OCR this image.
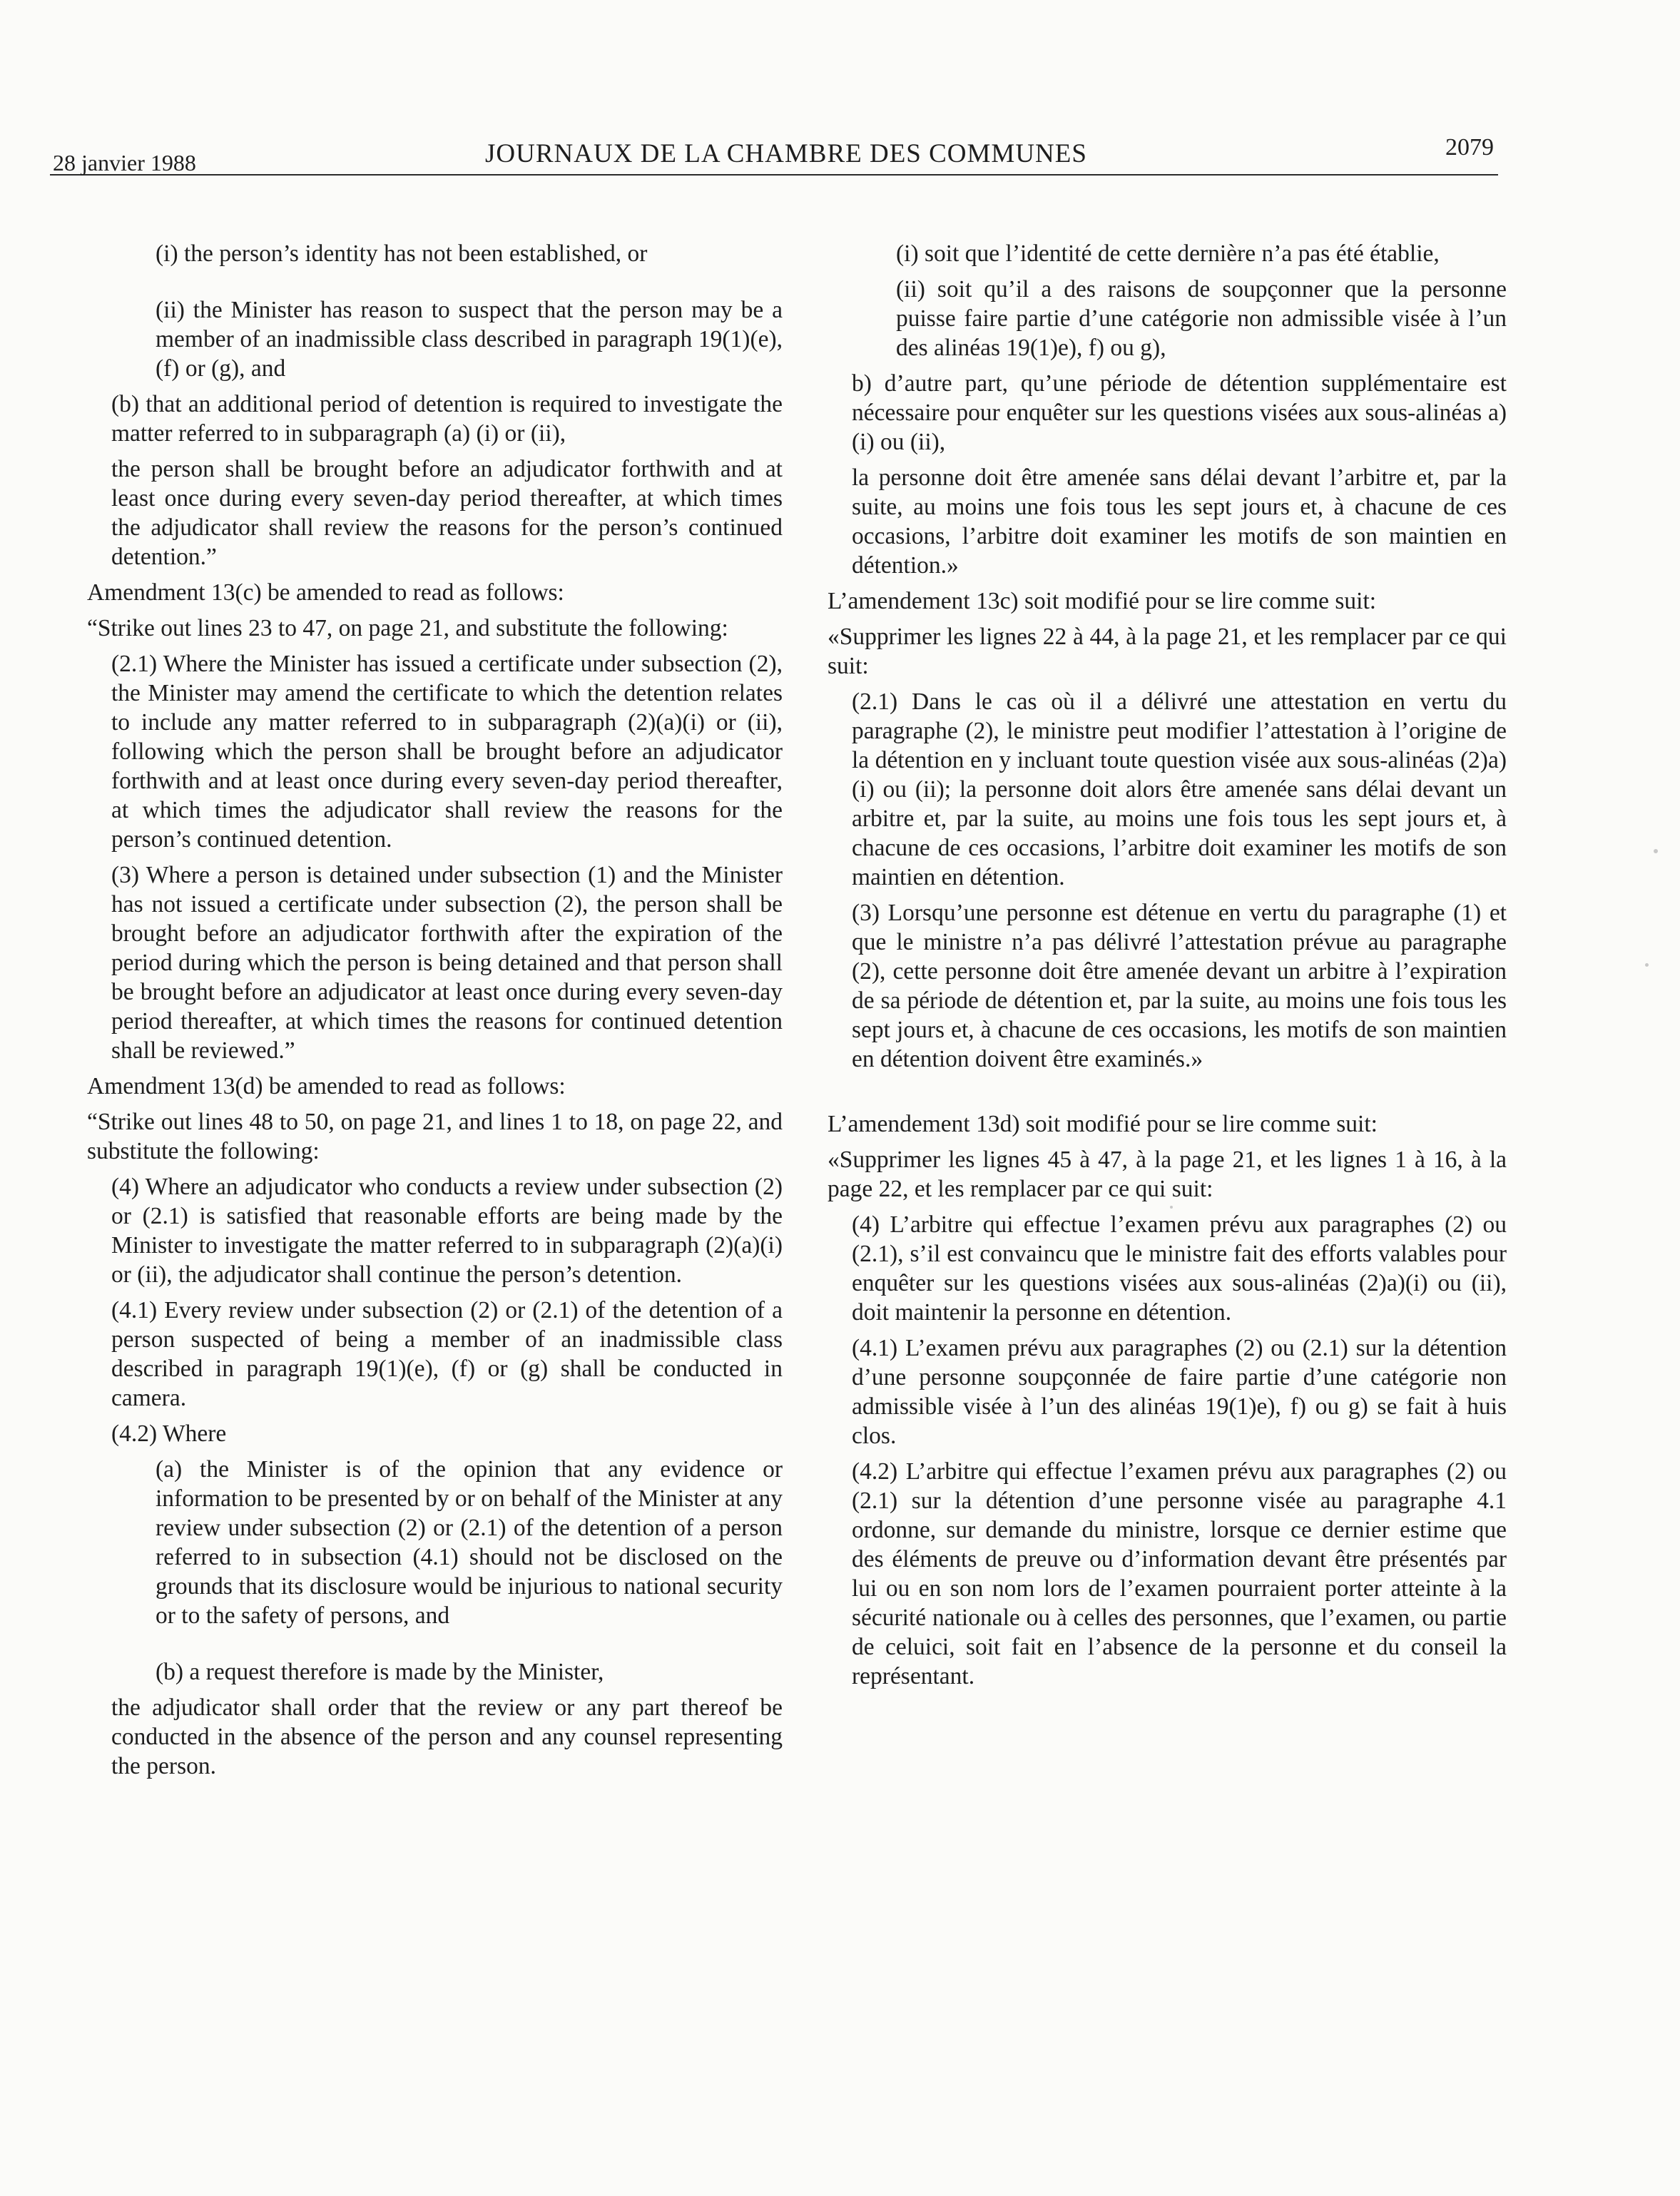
28 janvier 1988	JOURNAUX DE LA CHAMBRE DES COMMUNES	2079

(i) the person’s identity has not been established, or

(ii) the Minister has reason to suspect that the person may be a member of an inadmissible class described in paragraph 19(1)(e), (f) or (g), and

(b) that an additional period of detention is required to investigate the matter referred to in subparagraph (a) (i) or (ii),

the person shall be brought before an adjudicator forthwith and at least once during every seven-day period thereafter, at which times the adjudicator shall review the reasons for the person’s continued detention.”

Amendment 13(c) be amended to read as follows:

“Strike out lines 23 to 47, on page 21, and substitute the following:

(2.1) Where the Minister has issued a certificate under subsection (2), the Minister may amend the certificate to which the detention relates to include any matter referred to in subparagraph (2)(a)(i) or (ii), following which the person shall be brought before an adjudicator forthwith and at least once during every seven-day period thereafter, at which times the adjudicator shall review the reasons for the person’s continued detention.

(3) Where a person is detained under subsection (1) and the Minister has not issued a certificate under subsection (2), the person shall be brought before an adjudicator forthwith after the expiration of the period during which the person is being detained and that person shall be brought before an adjudicator at least once during every seven-day period thereafter, at which times the reasons for continued detention shall be reviewed.”

Amendment 13(d) be amended to read as follows:

“Strike out lines 48 to 50, on page 21, and lines 1 to 18, on page 22, and substitute the following:

(4) Where an adjudicator who conducts a review under subsection (2) or (2.1) is satisfied that reasonable efforts are being made by the Minister to investigate the matter referred to in subparagraph (2)(a)(i) or (ii), the adjudicator shall continue the person’s detention.

(4.1) Every review under subsection (2) or (2.1) of the detention of a person suspected of being a member of an inadmissible class described in paragraph 19(1)(e), (f) or (g) shall be conducted in camera.

(4.2) Where

(a) the Minister is of the opinion that any evidence or information to be presented by or on behalf of the Minister at any review under subsection (2) or (2.1) of the detention of a person referred to in subsection (4.1) should not be disclosed on the grounds that its disclosure would be injurious to national security or to the safety of persons, and

(b) a request therefore is made by the Minister,

the adjudicator shall order that the review or any part thereof be conducted in the absence of the person and any counsel representing the person.

(i) soit que l’identité de cette dernière n’a pas été établie,

(ii) soit qu’il a des raisons de soupçonner que la personne puisse faire partie d’une catégorie non admissible visée à l’un des alinéas 19(1)e), f) ou g),

b) d’autre part, qu’une période de détention supplémentaire est nécessaire pour enquêter sur les questions visées aux sous-alinéas a)(i) ou (ii),

la personne doit être amenée sans délai devant l’arbitre et, par la suite, au moins une fois tous les sept jours et, à chacune de ces occasions, l’arbitre doit examiner les motifs de son maintien en détention.»

L’amendement 13c) soit modifié pour se lire comme suit:

«Supprimer les lignes 22 à 44, à la page 21, et les remplacer par ce qui suit:

(2.1) Dans le cas où il a délivré une attestation en vertu du paragraphe (2), le ministre peut modifier l’attestation à l’origine de la détention en y incluant toute question visée aux sous-alinéas (2)a)(i) ou (ii); la personne doit alors être amenée sans délai devant un arbitre et, par la suite, au moins une fois tous les sept jours et, à chacune de ces occasions, l’arbitre doit examiner les motifs de son maintien en détention.

(3) Lorsqu’une personne est détenue en vertu du paragraphe (1) et que le ministre n’a pas délivré l’attestation prévue au paragraphe (2), cette personne doit être amenée devant un arbitre à l’expiration de sa période de détention et, par la suite, au moins une fois tous les sept jours et, à chacune de ces occasions, les motifs de son maintien en détention doivent être examinés.»

L’amendement 13d) soit modifié pour se lire comme suit:

«Supprimer les lignes 45 à 47, à la page 21, et les lignes 1 à 16, à la page 22, et les remplacer par ce qui suit:

(4) L’arbitre qui effectue l’examen prévu aux paragraphes (2) ou (2.1), s’il est convaincu que le ministre fait des efforts valables pour enquêter sur les questions visées aux sous-alinéas (2)a)(i) ou (ii), doit maintenir la personne en détention.

(4.1) L’examen prévu aux paragraphes (2) ou (2.1) sur la détention d’une personne soupçonnée de faire partie d’une catégorie non admissible visée à l’un des alinéas 19(1)e), f) ou g) se fait à huis clos.

(4.2) L’arbitre qui effectue l’examen prévu aux paragraphes (2) ou (2.1) sur la détention d’une personne visée au paragraphe 4.1 ordonne, sur demande du ministre, lorsque ce dernier estime que des éléments de preuve ou d’information devant être présentés par lui ou en son nom lors de l’examen pourraient porter atteinte à la sécurité nationale ou à celles des personnes, que l’examen, ou partie de celuici, soit fait en l’absence de la personne et du conseil la représentant.
